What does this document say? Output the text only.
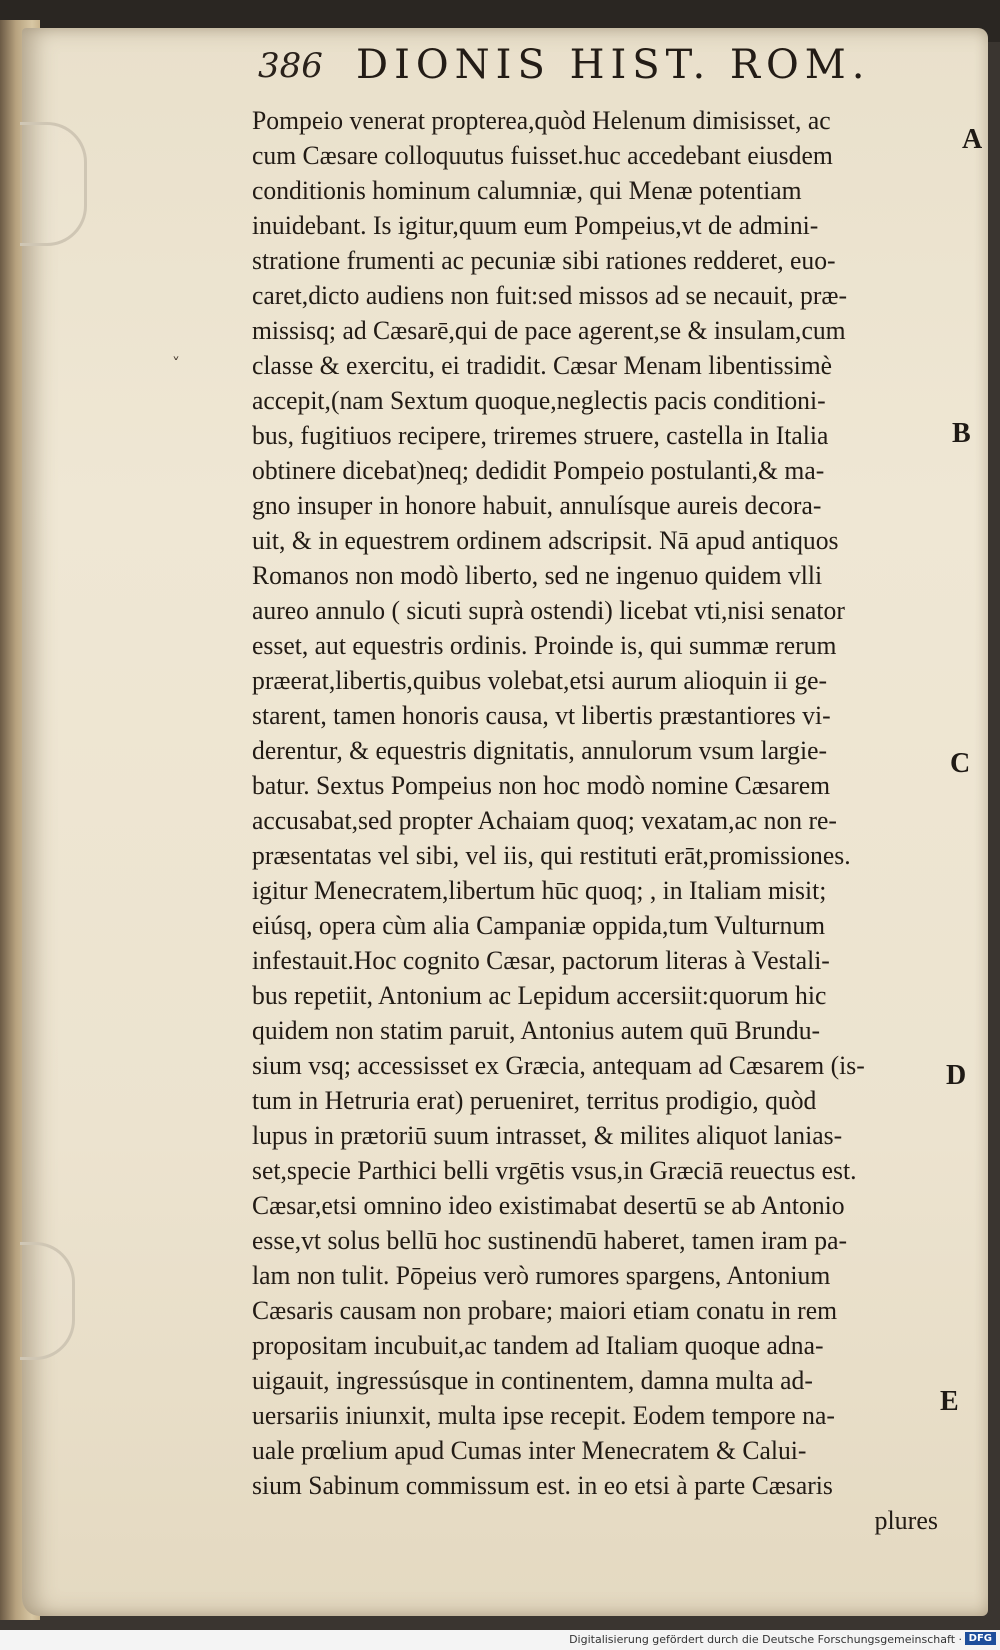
386 DIONIS HIST. ROM.
Pompeio venerat propterea,quòd Helenum dimisisset, ac
cum Cæsare colloquutus fuisset.huc accedebant eiusdem
conditionis hominum calumniæ, qui Menæ potentiam
inuidebant. Is igitur,quum eum Pompeius,vt de admini-
stratione frumenti ac pecuniæ sibi rationes redderet, euo-
caret,dicto audiens non fuit:sed missos ad se necauit, præ-
missisq; ad Cæsarē,qui de pace agerent,se & insulam,cum
classe & exercitu, ei tradidit. Cæsar Menam libentissimè
accepit,(nam Sextum quoque,neglectis pacis conditioni-
bus, fugitiuos recipere, triremes struere, castella in Italia
obtinere dicebat)neq; dedidit Pompeio postulanti,& ma-
gno insuper in honore habuit, annulísque aureis decora-
uit, & in equestrem ordinem adscripsit. Nā apud antiquos
Romanos non modò liberto, sed ne ingenuo quidem vlli
aureo annulo ( sicuti suprà ostendi) licebat vti,nisi senator
esset, aut equestris ordinis. Proinde is, qui summæ rerum
præerat,libertis,quibus volebat,etsi aurum alioquin ii ge-
starent, tamen honoris causa, vt libertis præstantiores vi-
derentur, & equestris dignitatis, annulorum vsum largie-
batur. Sextus Pompeius non hoc modò nomine Cæsarem
accusabat,sed propter Achaiam quoq; vexatam,ac non re-
præsentatas vel sibi, vel iis, qui restituti erāt,promissiones.
igitur Menecratem,libertum hūc quoq; , in Italiam misit;
eiúsq, opera cùm alia Campaniæ oppida,tum Vulturnum
infestauit.Hoc cognito Cæsar, pactorum literas à Vestali-
bus repetiit, Antonium ac Lepidum accersiit:quorum hic
quidem non statim paruit, Antonius autem quū Brundu-
sium vsq; accessisset ex Græcia, antequam ad Cæsarem (is-
tum in Hetruria erat) perueniret, territus prodigio, quòd
lupus in prætoriū suum intrasset, & milites aliquot lanias-
set,specie Parthici belli vrgētis vsus,in Græciā reuectus est.
Cæsar,etsi omnino ideo existimabat desertū se ab Antonio
esse,vt solus bellū hoc sustinendū haberet, tamen iram pa-
lam non tulit. Pōpeius verò rumores spargens, Antonium
Cæsaris causam non probare; maiori etiam conatu in rem
propositam incubuit,ac tandem ad Italiam quoque adna-
uigauit, ingressúsque in continentem, damna multa ad-
uersariis iniunxit, multa ipse recepit. Eodem tempore na-
uale prœlium apud Cumas inter Menecratem & Calui-
sium Sabinum commissum est. in eo etsi à parte Cæsaris
plures
A
B
C
D
E
˅
Digitalisierung gefördert durch die Deutsche Forschungsgemeinschaft · DFG
